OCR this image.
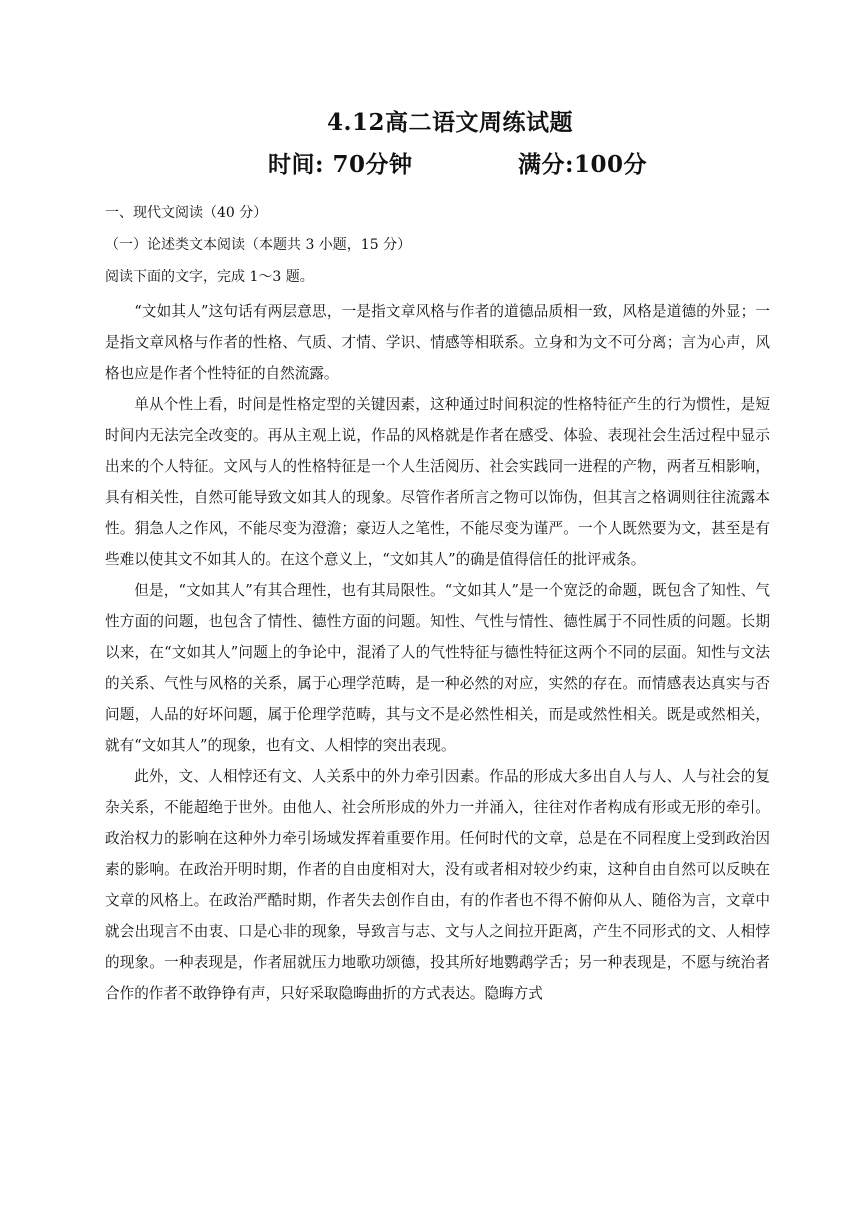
4.12高二语文周练试题
时间: 70分钟	满分:100分
一、现代文阅读（40 分）
（一）论述类文本阅读（本题共 3 小题，15 分）
阅读下面的文字，完成 1～3 题。

“文如其人”这句话有两层意思，一是指文章风格与作者的道德品质相一致，风格是道德的外显；一是指文章风格与作者的性格、气质、才情、学识、情感等相联系。立身和为文不可分离；言为心声，风格也应是作者个性特征的自然流露。

单从个性上看，时间是性格定型的关键因素，这种通过时间积淀的性格特征产生的行为惯性，是短时间内无法完全改变的。再从主观上说，作品的风格就是作者在感受、体验、表现社会生活过程中显示出来的个人特征。文风与人的性格特征是一个人生活阅历、社会实践同一进程的产物，两者互相影响，具有相关性，自然可能导致文如其人的现象。尽管作者所言之物可以饰伪，但其言之格调则往往流露本性。狷急人之作风，不能尽变为澄澹；豪迈人之笔性，不能尽变为谨严。一个人既然要为文，甚至是有些难以使其文不如其人的。在这个意义上，“文如其人”的确是值得信任的批评戒条。

但是，“文如其人”有其合理性，也有其局限性。“文如其人”是一个宽泛的命题，既包含了知性、气性方面的问题，也包含了情性、德性方面的问题。知性、气性与情性、德性属于不同性质的问题。长期以来，在“文如其人”问题上的争论中，混淆了人的气性特征与德性特征这两个不同的层面。知性与文法的关系、气性与风格的关系，属于心理学范畴，是一种必然的对应，实然的存在。而情感表达真实与否问题，人品的好坏问题，属于伦理学范畴，其与文不是必然性相关，而是或然性相关。既是或然相关，就有“文如其人”的现象，也有文、人相悖的突出表现。

此外，文、人相悖还有文、人关系中的外力牵引因素。作品的形成大多出自人与人、人与社会的复杂关系，不能超绝于世外。由他人、社会所形成的外力一并涌入，往往对作者构成有形或无形的牵引。政治权力的影响在这种外力牵引场域发挥着重要作用。任何时代的文章，总是在不同程度上受到政治因素的影响。在政治开明时期，作者的自由度相对大，没有或者相对较少约束，这种自由自然可以反映在文章的风格上。在政治严酷时期，作者失去创作自由，有的作者也不得不俯仰从人、随俗为言，文章中就会出现言不由衷、口是心非的现象，导致言与志、文与人之间拉开距离，产生不同形式的文、人相悖的现象。一种表现是，作者屈就压力地歌功颂德，投其所好地鹦鹉学舌；另一种表现是，不愿与统治者合作的作者不敢铮铮有声，只好采取隐晦曲折的方式表达。隐晦方式
